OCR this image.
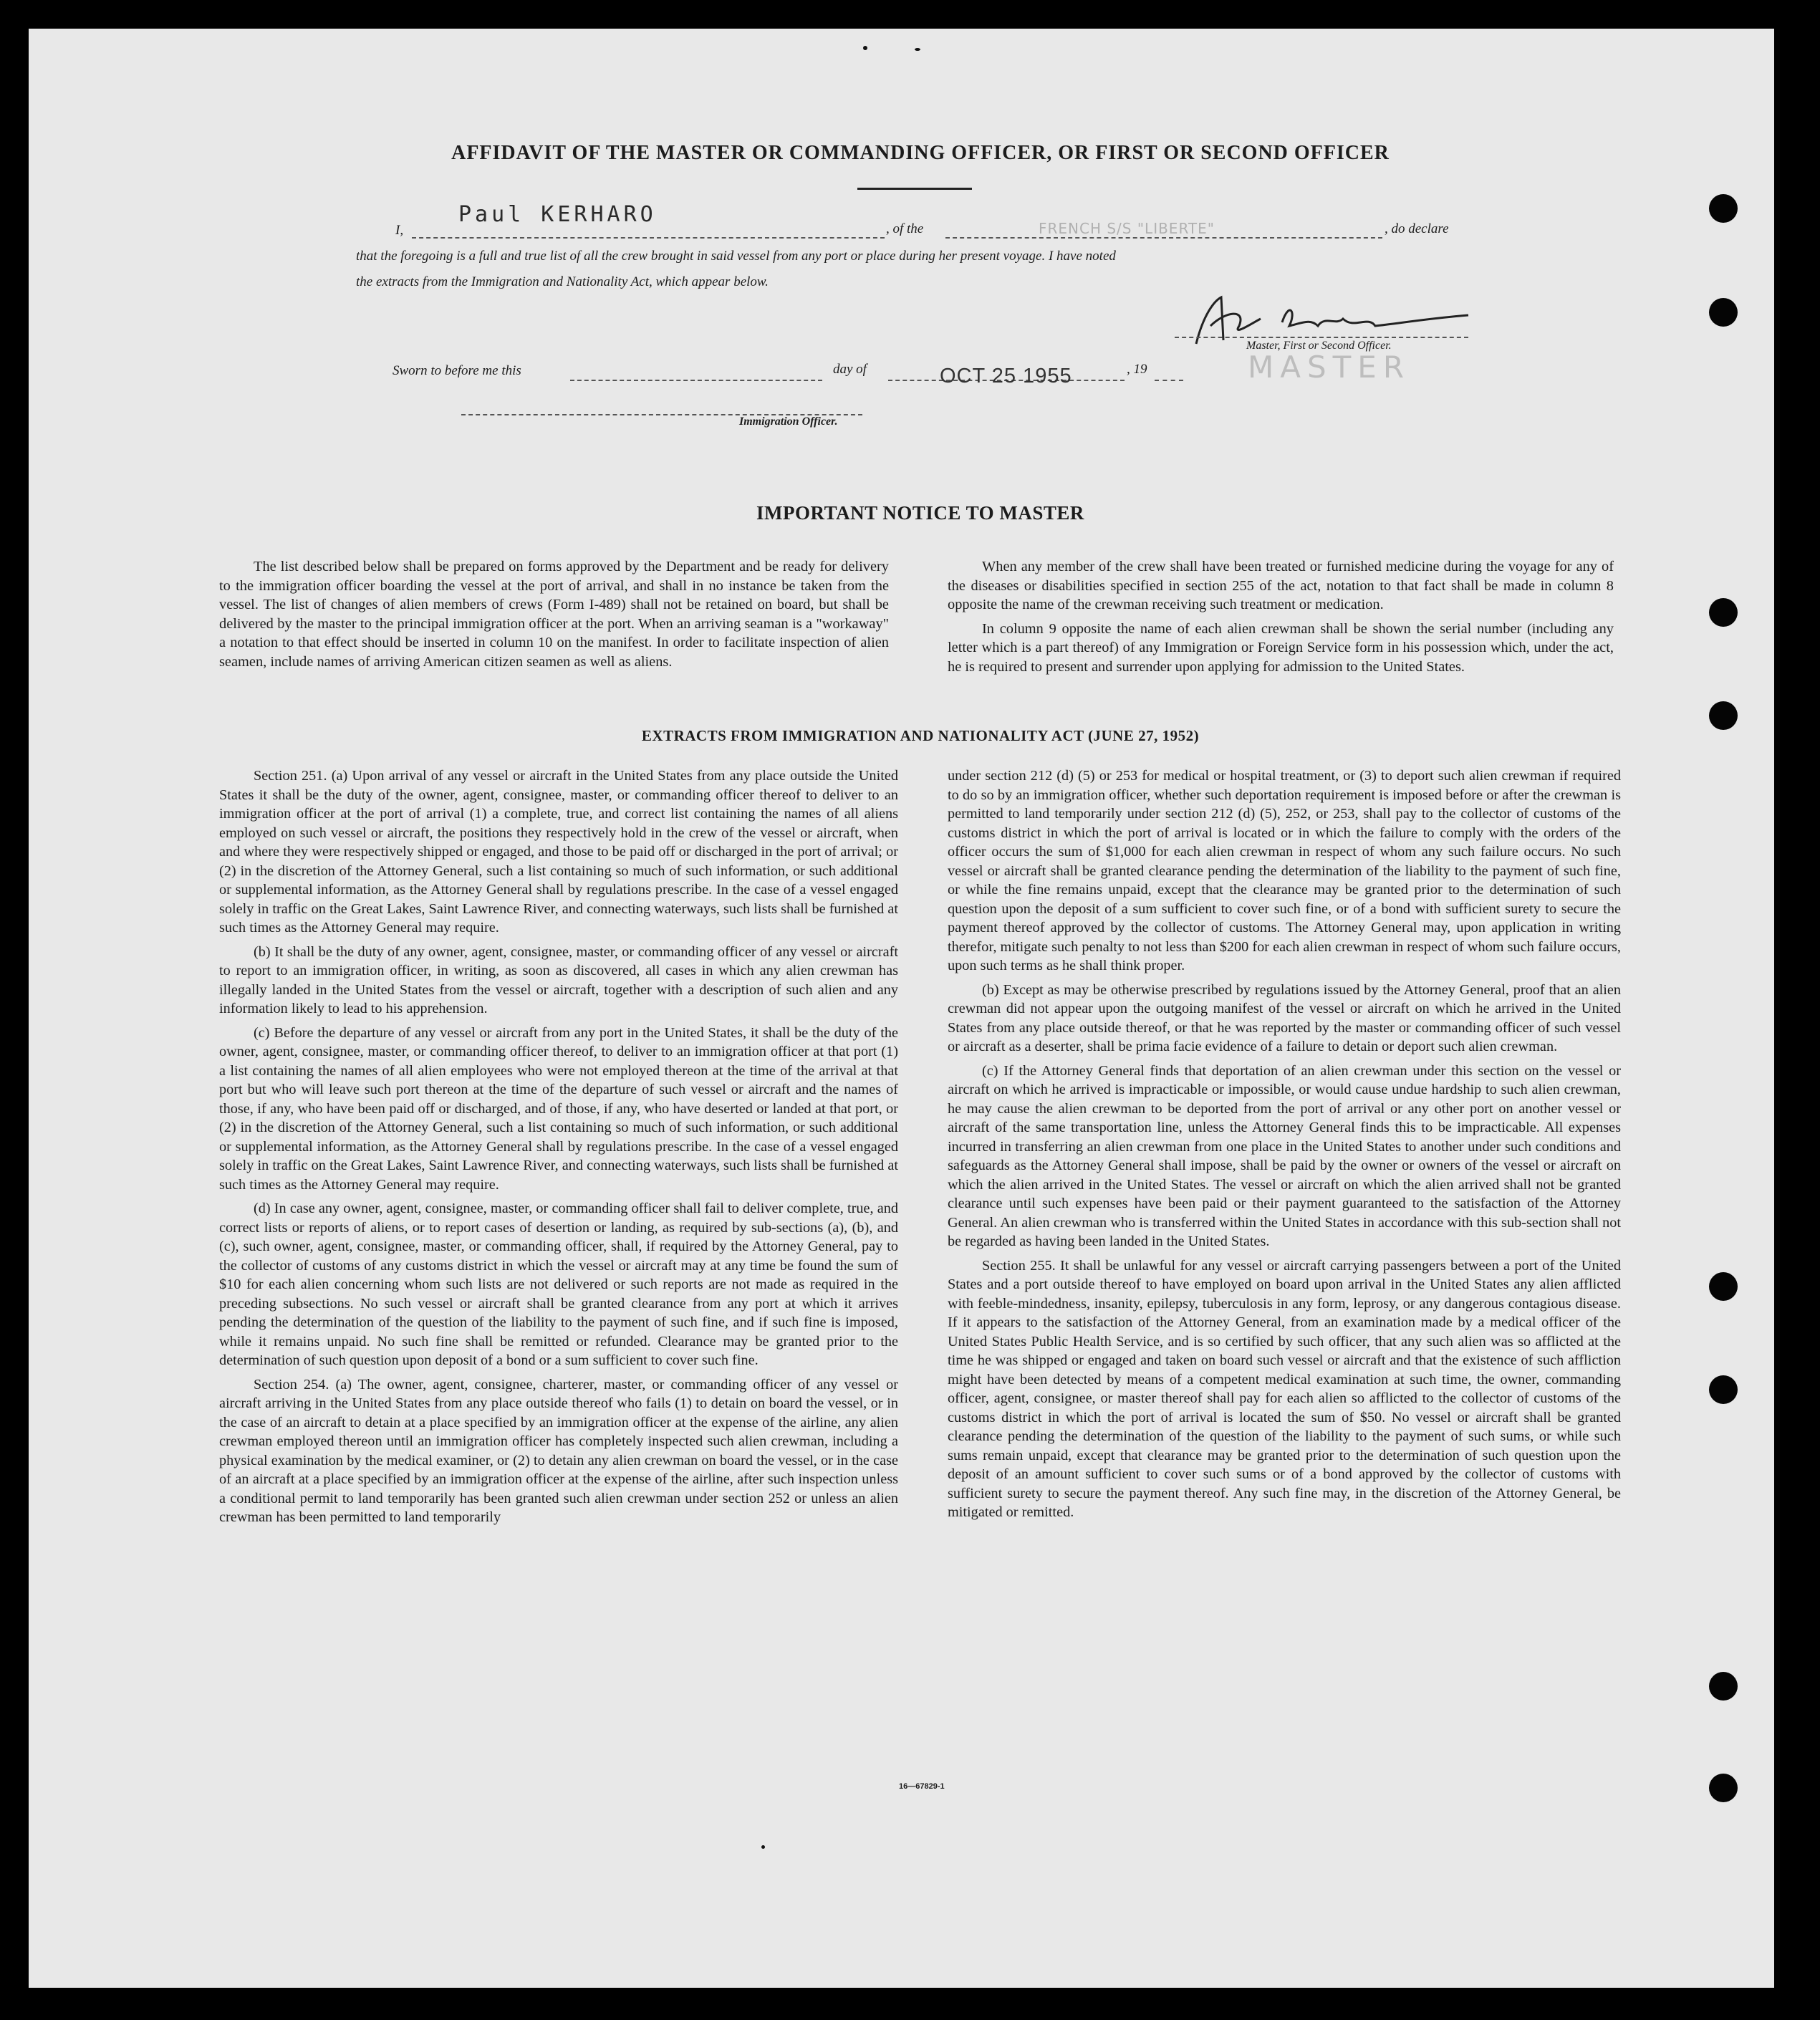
AFFIDAVIT OF THE MASTER OR COMMANDING OFFICER, OR FIRST OR SECOND OFFICER
I,
Paul KERHARO
, of the	FRENCH S/S "LIBERTE"	, do declare
that the foregoing is a full and true list of all the crew brought in said vessel from any port or place during her present voyage. I have noted
the extracts from the Immigration and Nationality Act, which appear below.
Master, First or Second Officer.
MASTER
Sworn to before me this	day of	OCT 25 1955	, 19
Immigration Officer.
IMPORTANT NOTICE TO MASTER

The list described below shall be prepared on forms approved by the Department and be ready for delivery to the immigration officer boarding the vessel at the port of arrival, and shall in no instance be taken from the vessel. The list of changes of alien members of crews (Form I-489) shall not be retained on board, but shall be delivered by the master to the principal immigration officer at the port. When an arriving seaman is a "workaway" a notation to that effect should be inserted in column 10 on the manifest. In order to facilitate inspection of alien seamen, include names of arriving American citizen seamen as well as aliens.

When any member of the crew shall have been treated or furnished medicine during the voyage for any of the diseases or disabilities specified in section 255 of the act, notation to that fact shall be made in column 8 opposite the name of the crewman receiving such treatment or medication.

In column 9 opposite the name of each alien crewman shall be shown the serial number (including any letter which is a part thereof) of any Immigration or Foreign Service form in his possession which, under the act, he is required to present and surrender upon applying for admission to the United States.

EXTRACTS FROM IMMIGRATION AND NATIONALITY ACT (JUNE 27, 1952)

Section 251. (a) Upon arrival of any vessel or aircraft in the United States from any place outside the United States it shall be the duty of the owner, agent, consignee, master, or commanding officer thereof to deliver to an immigration officer at the port of arrival (1) a complete, true, and correct list containing the names of all aliens employed on such vessel or aircraft, the positions they respectively hold in the crew of the vessel or aircraft, when and where they were respectively shipped or engaged, and those to be paid off or discharged in the port of arrival; or (2) in the discretion of the Attorney General, such a list containing so much of such information, or such additional or supplemental information, as the Attorney General shall by regulations prescribe. In the case of a vessel engaged solely in traffic on the Great Lakes, Saint Lawrence River, and connecting waterways, such lists shall be furnished at such times as the Attorney General may require.

(b) It shall be the duty of any owner, agent, consignee, master, or commanding officer of any vessel or aircraft to report to an immigration officer, in writing, as soon as discovered, all cases in which any alien crewman has illegally landed in the United States from the vessel or aircraft, together with a description of such alien and any information likely to lead to his apprehension.

(c) Before the departure of any vessel or aircraft from any port in the United States, it shall be the duty of the owner, agent, consignee, master, or commanding officer thereof, to deliver to an immigration officer at that port (1) a list containing the names of all alien employees who were not employed thereon at the time of the arrival at that port but who will leave such port thereon at the time of the departure of such vessel or aircraft and the names of those, if any, who have been paid off or discharged, and of those, if any, who have deserted or landed at that port, or (2) in the discretion of the Attorney General, such a list containing so much of such information, or such additional or supplemental information, as the Attorney General shall by regulations prescribe. In the case of a vessel engaged solely in traffic on the Great Lakes, Saint Lawrence River, and connecting waterways, such lists shall be furnished at such times as the Attorney General may require.

(d) In case any owner, agent, consignee, master, or commanding officer shall fail to deliver complete, true, and correct lists or reports of aliens, or to report cases of desertion or landing, as required by sub-sections (a), (b), and (c), such owner, agent, consignee, master, or commanding officer, shall, if required by the Attorney General, pay to the collector of customs of any customs district in which the vessel or aircraft may at any time be found the sum of $10 for each alien concerning whom such lists are not delivered or such reports are not made as required in the preceding subsections. No such vessel or aircraft shall be granted clearance from any port at which it arrives pending the determination of the question of the liability to the payment of such fine, and if such fine is imposed, while it remains unpaid. No such fine shall be remitted or refunded. Clearance may be granted prior to the determination of such question upon deposit of a bond or a sum sufficient to cover such fine.

Section 254. (a) The owner, agent, consignee, charterer, master, or commanding officer of any vessel or aircraft arriving in the United States from any place outside thereof who fails (1) to detain on board the vessel, or in the case of an aircraft to detain at a place specified by an immigration officer at the expense of the airline, any alien crewman employed thereon until an immigration officer has completely inspected such alien crewman, including a physical examination by the medical examiner, or (2) to detain any alien crewman on board the vessel, or in the case of an aircraft at a place specified by an immigration officer at the expense of the airline, after such inspection unless a conditional permit to land temporarily has been granted such alien crewman under section 252 or unless an alien crewman has been permitted to land temporarily

under section 212 (d) (5) or 253 for medical or hospital treatment, or (3) to deport such alien crewman if required to do so by an immigration officer, whether such deportation requirement is imposed before or after the crewman is permitted to land temporarily under section 212 (d) (5), 252, or 253, shall pay to the collector of customs of the customs district in which the port of arrival is located or in which the failure to comply with the orders of the officer occurs the sum of $1,000 for each alien crewman in respect of whom any such failure occurs. No such vessel or aircraft shall be granted clearance pending the determination of the liability to the payment of such fine, or while the fine remains unpaid, except that the clearance may be granted prior to the determination of such question upon the deposit of a sum sufficient to cover such fine, or of a bond with sufficient surety to secure the payment thereof approved by the collector of customs. The Attorney General may, upon application in writing therefor, mitigate such penalty to not less than $200 for each alien crewman in respect of whom such failure occurs, upon such terms as he shall think proper.

(b) Except as may be otherwise prescribed by regulations issued by the Attorney General, proof that an alien crewman did not appear upon the outgoing manifest of the vessel or aircraft on which he arrived in the United States from any place outside thereof, or that he was reported by the master or commanding officer of such vessel or aircraft as a deserter, shall be prima facie evidence of a failure to detain or deport such alien crewman.

(c) If the Attorney General finds that deportation of an alien crewman under this section on the vessel or aircraft on which he arrived is impracticable or impossible, or would cause undue hardship to such alien crewman, he may cause the alien crewman to be deported from the port of arrival or any other port on another vessel or aircraft of the same transportation line, unless the Attorney General finds this to be impracticable. All expenses incurred in transferring an alien crewman from one place in the United States to another under such conditions and safeguards as the Attorney General shall impose, shall be paid by the owner or owners of the vessel or aircraft on which the alien arrived in the United States. The vessel or aircraft on which the alien arrived shall not be granted clearance until such expenses have been paid or their payment guaranteed to the satisfaction of the Attorney General. An alien crewman who is transferred within the United States in accordance with this sub-section shall not be regarded as having been landed in the United States.

Section 255. It shall be unlawful for any vessel or aircraft carrying passengers between a port of the United States and a port outside thereof to have employed on board upon arrival in the United States any alien afflicted with feeble-mindedness, insanity, epilepsy, tuberculosis in any form, leprosy, or any dangerous contagious disease. If it appears to the satisfaction of the Attorney General, from an examination made by a medical officer of the United States Public Health Service, and is so certified by such officer, that any such alien was so afflicted at the time he was shipped or engaged and taken on board such vessel or aircraft and that the existence of such affliction might have been detected by means of a competent medical examination at such time, the owner, commanding officer, agent, consignee, or master thereof shall pay for each alien so afflicted to the collector of customs of the customs district in which the port of arrival is located the sum of $50. No vessel or aircraft shall be granted clearance pending the determination of the question of the liability to the payment of such sums, or while such sums remain unpaid, except that clearance may be granted prior to the determination of such question upon the deposit of an amount sufficient to cover such sums or of a bond approved by the collector of customs with sufficient surety to secure the payment thereof. Any such fine may, in the discretion of the Attorney General, be mitigated or remitted.

16—67829-1
